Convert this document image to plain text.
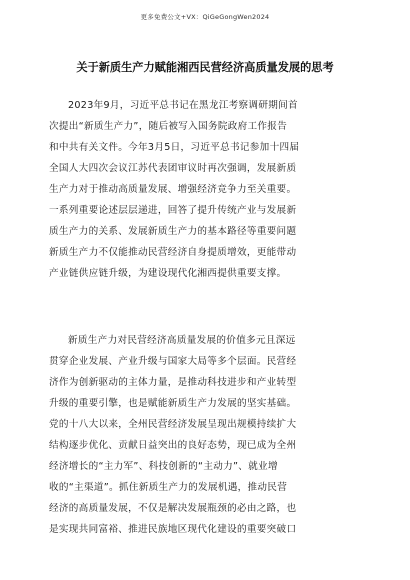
更多免费公文+VX：QiGeGongWen2024
关于新质生产力赋能湘西民营经济高质量发展的思考
2023年9月，习近平总书记在黑龙江考察调研期间首
次提出“新质生产力”，随后被写入国务院政府工作报告
和中共有关文件。今年3月5日，习近平总书记参加十四届
全国人大四次会议江苏代表团审议时再次强调，发展新质
生产力对于推动高质量发展、增强经济竞争力至关重要。
一系列重要论述层层递进，回答了提升传统产业与发展新
质生产力的关系、发展新质生产力的基本路径等重要问题
新质生产力不仅能推动民营经济自身提质增效，更能带动
产业链供应链升级，为建设现代化湘西提供重要支撑。
新质生产力对民营经济高质量发展的价值多元且深远
贯穿企业发展、产业升级与国家大局等多个层面。民营经
济作为创新驱动的主体力量，是推动科技进步和产业转型
升级的重要引擎，也是赋能新质生产力发展的坚实基础。
党的十八大以来，全州民营经济发展呈现出规模持续扩大
结构逐步优化、贡献日益突出的良好态势，现已成为全州
经济增长的“主力军”、科技创新的“主动力”、就业增
收的“主渠道”。抓住新质生产力的发展机遇，推动民营
经济的高质量发展，不仅是解决发展瓶颈的必由之路，也
是实现共同富裕、推进民族地区现代化建设的重要突破口
